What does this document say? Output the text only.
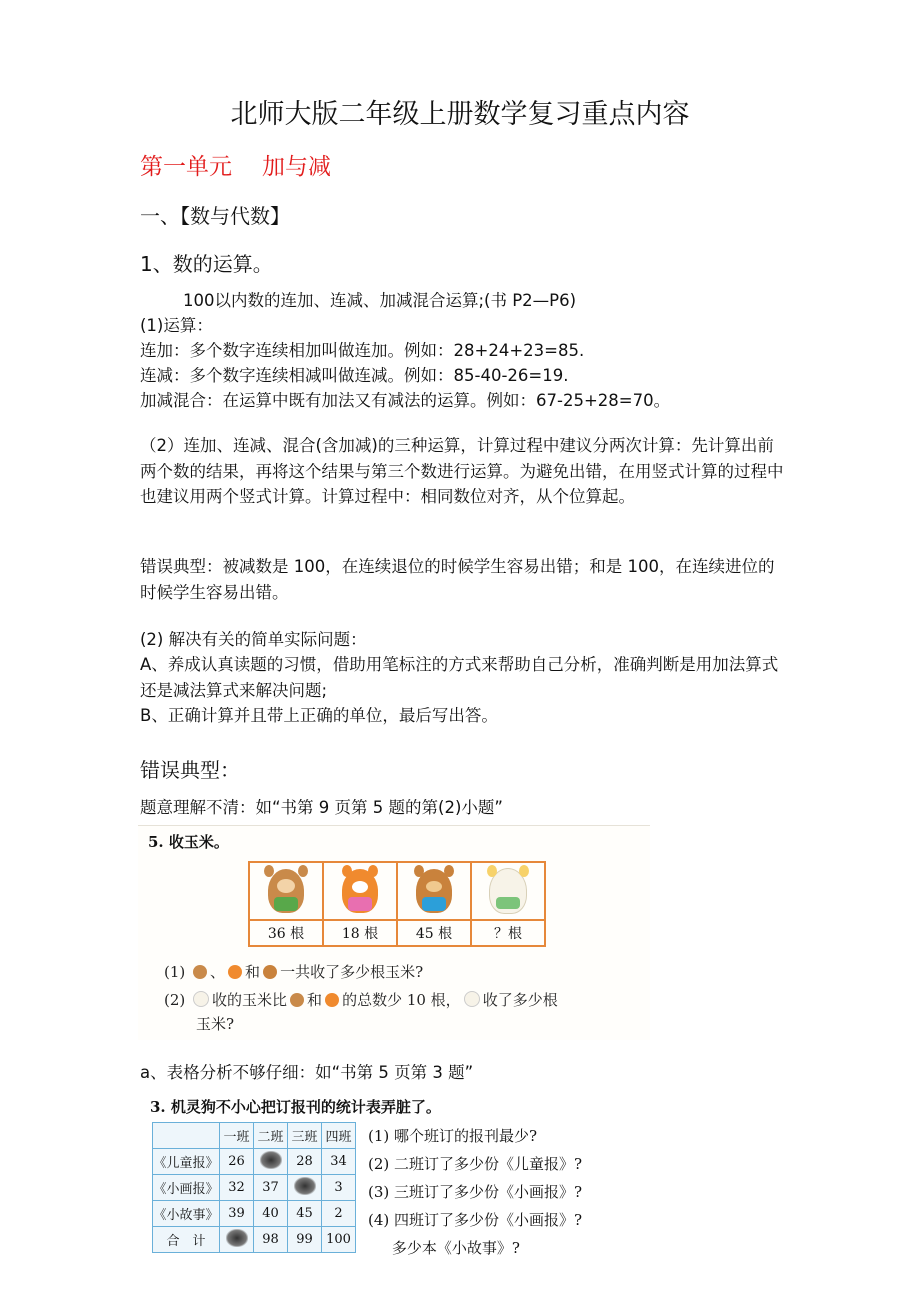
北师大版二年级上册数学复习重点内容
第一单元 加与减
一、【数与代数】
1、数的运算。
100以内数的连加、连减、加减混合运算;(书 P2—P6)
(1)运算：
连加：多个数字连续相加叫做连加。例如：28+24+23=85.
连减：多个数字连续相减叫做连减。例如：85-40-26=19.
加减混合：在运算中既有加法又有减法的运算。例如：67-25+28=70。
（2）连加、连减、混合(含加减)的三种运算，计算过程中建议分两次计算：先计算出前两个数的结果，再将这个结果与第三个数进行运算。为避免出错，在用竖式计算的过程中也建议用两个竖式计算。计算过程中：相同数位对齐，从个位算起。
错误典型：被减数是 100，在连续退位的时候学生容易出错；和是 100，在连续进位的时候学生容易出错。
(2) 解决有关的简单实际问题：
A、养成认真读题的习惯，借助用笔标注的方式来帮助自己分析，准确判断是用加法算式还是减法算式来解决问题;
B、正确计算并且带上正确的单位，最后写出答。
错误典型：
题意理解不清：如“书第 9 页第 5 题的第(2)小题”
5. 收玉米。

36 根	18 根	45 根	？根
(1) 、 和 一共收了多少根玉米?
(2) 收的玉米比 和 的总数少 10 根， 收了多少根
玉米?
a、表格分析不够仔细：如“书第 5 页第 3 题”
3. 机灵狗不小心把订报刊的统计表弄脏了。
	一班	二班	三班	四班
《儿童报》	26		28	34
《小画报》	32	37		3
《小故事》	39	40	45	2
合　计		98	99	100
(1) 哪个班订的报刊最少?
(2) 二班订了多少份《儿童报》?
(3) 三班订了多少份《小画报》?
(4) 四班订了多少份《小画报》?
多少本《小故事》?
